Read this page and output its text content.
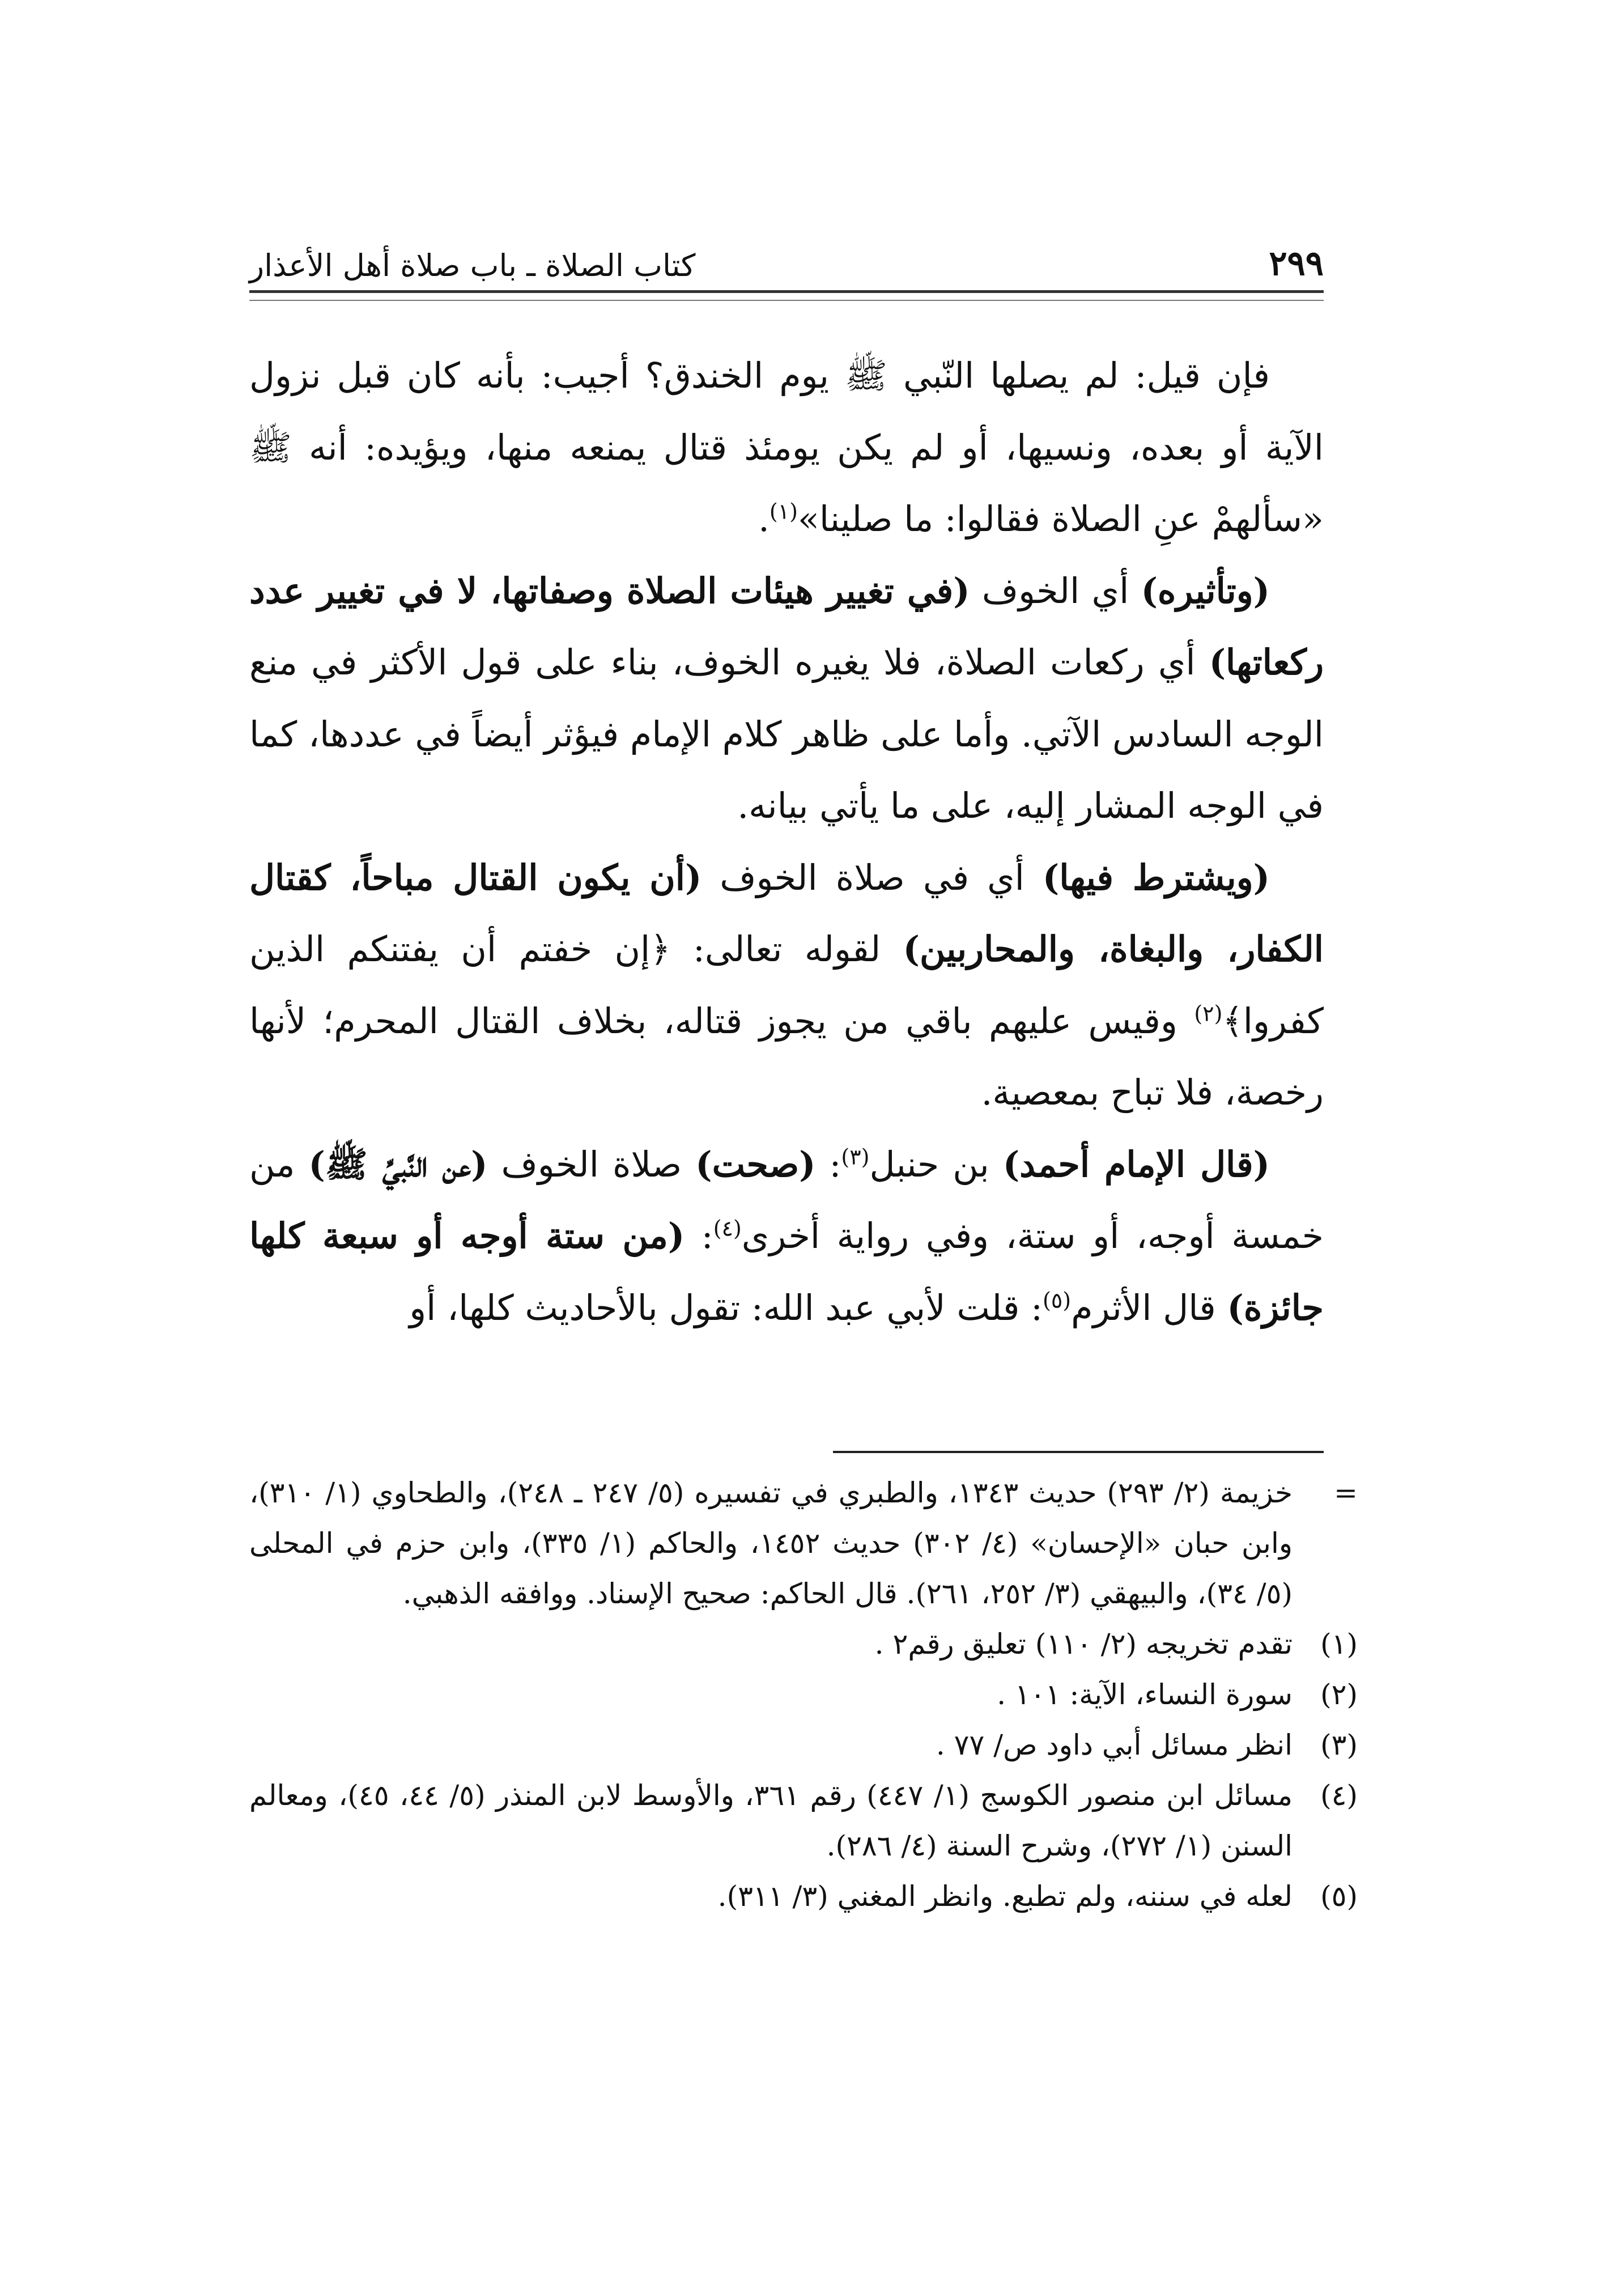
٢٩٩
كتاب الصلاة ـ باب صلاة أهل الأعذار

فإن قيل: لم يصلها النّبي ﷺ يوم الخندق؟ أجيب: بأنه كان قبل نزول الآية أو بعده، ونسيها، أو لم يكن يومئذ قتال يمنعه منها، ويؤيده: أنه ﷺ «سألهمْ عنِ الصلاة فقالوا: ما صلينا»$^{(١)}$.

(وتأثيره) أي الخوف (في تغيير هيئات الصلاة وصفاتها، لا في تغيير عدد ركعاتها) أي ركعات الصلاة، فلا يغيره الخوف، بناء على قول الأكثر في منع الوجه السادس الآتي. وأما على ظاهر كلام الإمام فيؤثر أيضاً في عددها، كما في الوجه المشار إليه، على ما يأتي بيانه.

(ويشترط فيها) أي في صلاة الخوف (أن يكون القتال مباحاً، كقتال الكفار، والبغاة، والمحاربين) لقوله تعالى: ﴿إن خفتم أن يفتنكم الذين كفروا﴾$^{(٢)}$ وقيس عليهم باقي من يجوز قتاله، بخلاف القتال المحرم؛ لأنها رخصة، فلا تباح بمعصية.

(قال الإمام أحمد) بن حنبل$^{(٣)}$: (صحت) صلاة الخوف (عن النَّبيِّ ﷺ) من خمسة أوجه، أو ستة، وفي رواية أخرى$^{(٤)}$: (من ستة أوجه أو سبعة كلها جائزة) قال الأثرم$^{(٥)}$: قلت لأبي عبد الله: تقول بالأحاديث كلها، أو

=
خزيمة (٢/ ٢٩٣) حديث ١٣٤٣، والطبري في تفسيره (٥/ ٢٤٧ ـ ٢٤٨)، والطحاوي (١/ ٣١٠)، وابن حبان «الإحسان» (٤/ ٣٠٢) حديث ١٤٥٢، والحاكم (١/ ٣٣٥)، وابن حزم في المحلى (٥/ ٣٤)، والبيهقي (٣/ ٢٥٢، ٢٦١). قال الحاكم: صحيح الإسناد. ووافقه الذهبي.
(١)
تقدم تخريجه (٢/ ١١٠) تعليق رقم٢ .
(٢)
سورة النساء، الآية: ١٠١ .
(٣)
انظر مسائل أبي داود ص/ ٧٧ .
(٤)
مسائل ابن منصور الكوسج (١/ ٤٤٧) رقم ٣٦١، والأوسط لابن المنذر (٥/ ٤٤، ٤٥)، ومعالم السنن (١/ ٢٧٢)، وشرح السنة (٤/ ٢٨٦).
(٥)
لعله في سننه، ولم تطبع. وانظر المغني (٣/ ٣١١).
